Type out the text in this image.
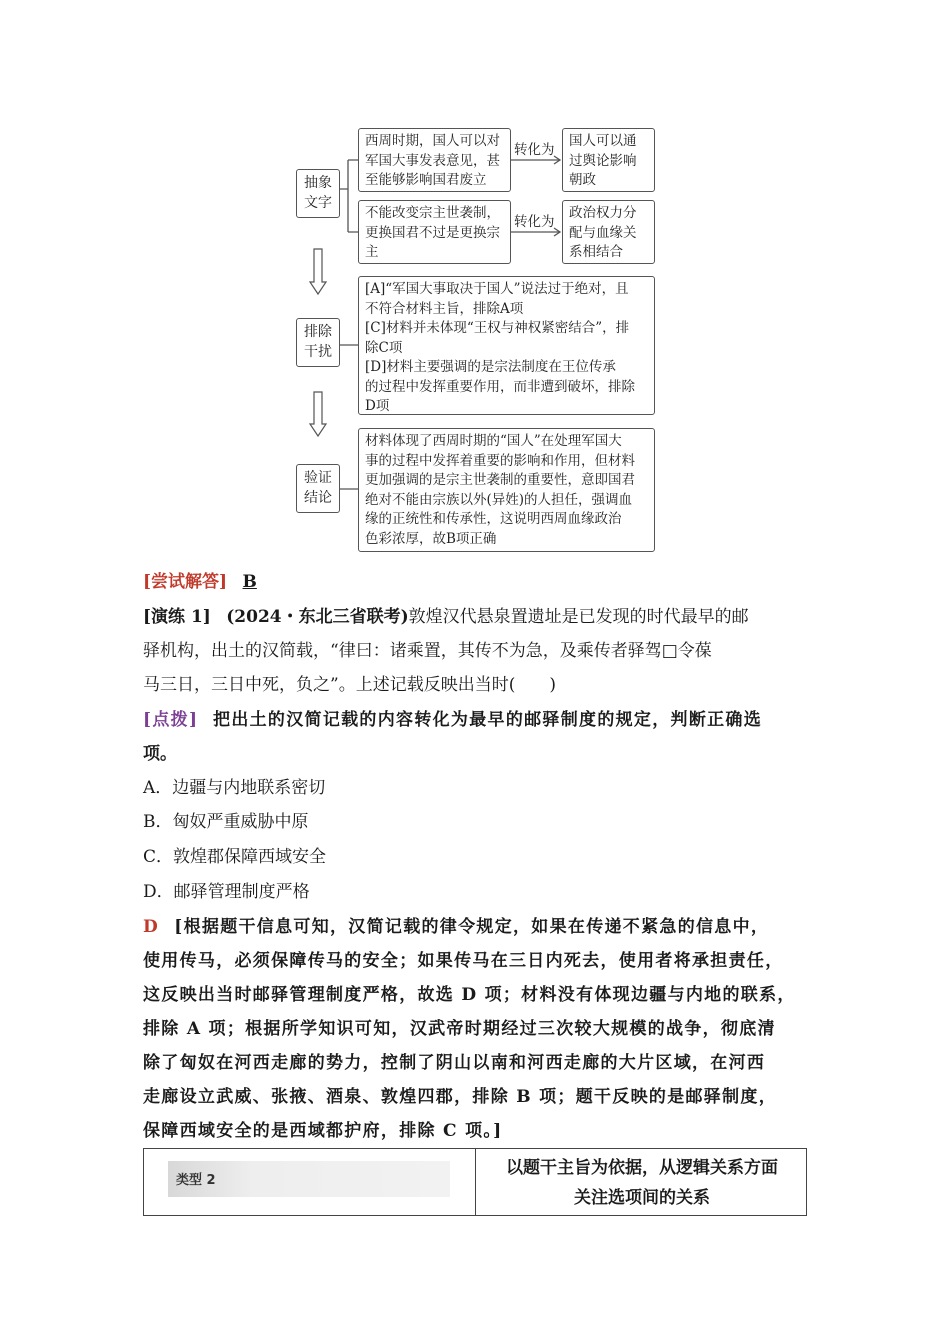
抽象文字
排除干扰
验证结论
西周时期，国人可以对军国大事发表意见，甚至能够影响国君废立
转化为
国人可以通过舆论影响朝政
不能改变宗主世袭制，更换国君不过是更换宗主
转化为
政治权力分配与血缘关系相结合
[A]“军国大事取决于国人”说法过于绝对，且
不符合材料主旨，排除A项
[C]材料并未体现“王权与神权紧密结合”，排
除C项
[D]材料主要强调的是宗法制度在王位传承
的过程中发挥重要作用，而非遭到破坏，排除
D项
材料体现了西周时期的“国人”在处理军国大
事的过程中发挥着重要的影响和作用，但材料
更加强调的是宗主世袭制的重要性，意即国君
绝对不能由宗族以外(异姓)的人担任，强调血
缘的正统性和传承性，这说明西周血缘政治
色彩浓厚，故B项正确
[尝试解答] B
[演练 1] (2024・东北三省联考)敦煌汉代悬泉置遗址是已发现的时代最早的邮
驿机构，出土的汉简载，“律曰：诸乘置，其传不为急，及乘传者驿驾□令葆
马三日，三日中死，负之”。上述记载反映出当时(　　)
[点拨] 把出土的汉简记载的内容转化为最早的邮驿制度的规定，判断正确选
项。
A．边疆与内地联系密切
B．匈奴严重威胁中原
C．敦煌郡保障西域安全
D．邮驿管理制度严格
D [根据题干信息可知，汉简记载的律令规定，如果在传递不紧急的信息中，
使用传马，必须保障传马的安全；如果传马在三日内死去，使用者将承担责任，
这反映出当时邮驿管理制度严格，故选 D 项；材料没有体现边疆与内地的联系，
排除 A 项；根据所学知识可知，汉武帝时期经过三次较大规模的战争，彻底清
除了匈奴在河西走廊的势力，控制了阴山以南和河西走廊的大片区域，在河西
走廊设立武威、张掖、酒泉、敦煌四郡，排除 B 项；题干反映的是邮驿制度，
保障西域安全的是西域都护府，排除 C 项。]
类型 2
以题干主旨为依据，从逻辑关系方面
关注选项间的关系
